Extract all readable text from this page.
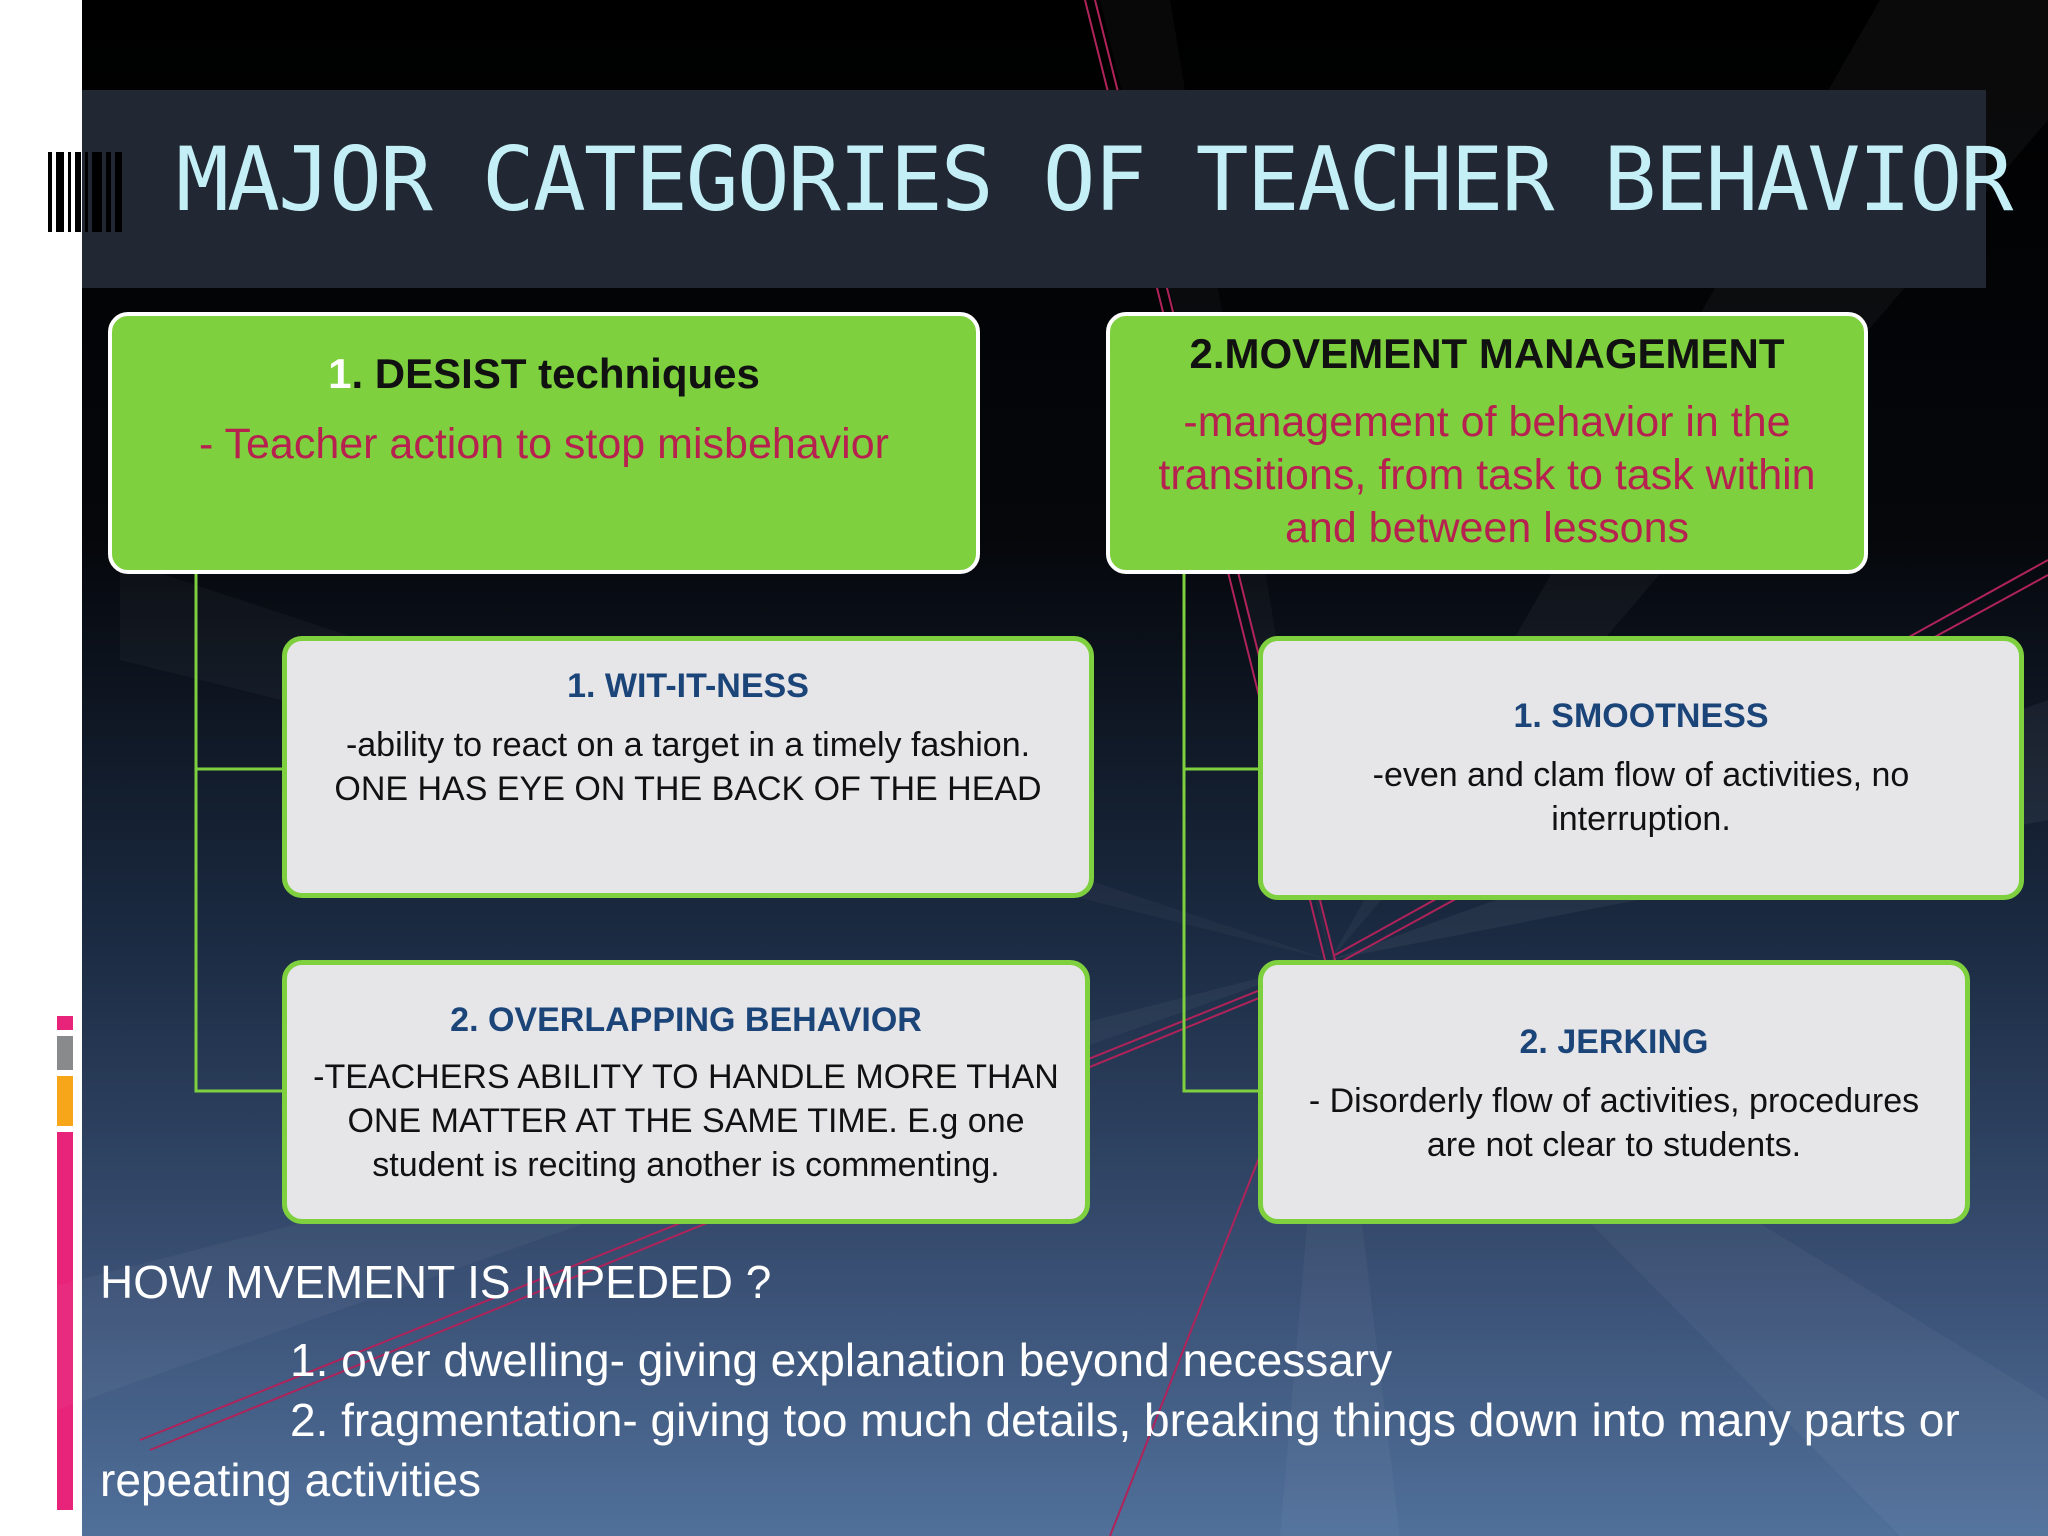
MAJOR CATEGORIES OF TEACHER BEHAVIOR
1. DESIST techniques
- Teacher action to stop misbehavior
2.MOVEMENT MANAGEMENT
-management of behavior in the
transitions, from task to task within
and between lessons
1. WIT-IT-NESS
-ability to react on a target in a timely fashion.
ONE HAS EYE ON THE BACK OF THE HEAD
2. OVERLAPPING BEHAVIOR
-TEACHERS ABILITY TO HANDLE MORE THAN
ONE MATTER AT THE SAME TIME. E.g one
student is reciting another is commenting.
1. SMOOTNESS
-even and clam flow of activities, no
interruption.
2. JERKING
- Disorderly flow of activities, procedures
are not clear to students.
HOW MVEMENT IS IMPEDED ?
1. over dwelling- giving explanation beyond necessary
2. fragmentation- giving too much details, breaking things down into many parts or repeating activities
